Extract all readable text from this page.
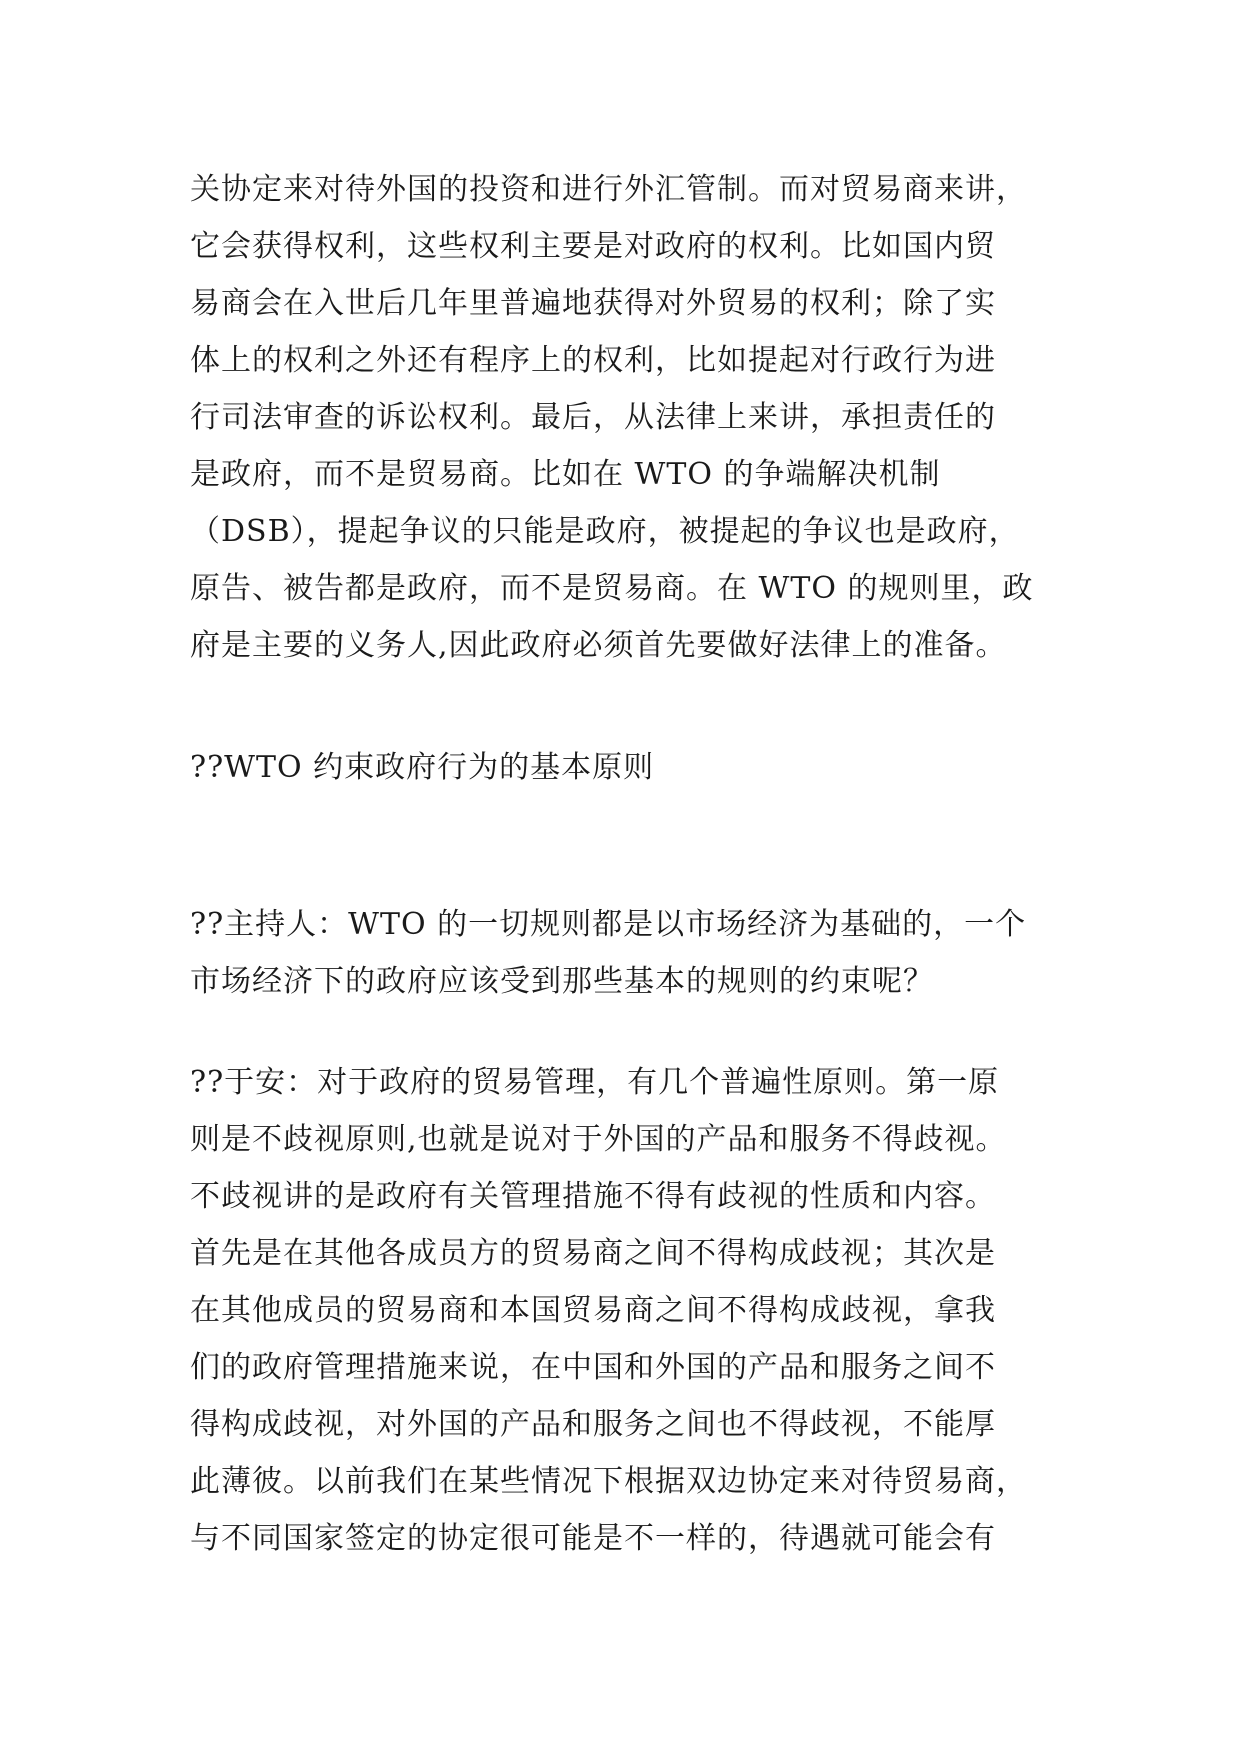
关协定来对待外国的投资和进行外汇管制。而对贸易商来讲，
它会获得权利，这些权利主要是对政府的权利。比如国内贸
易商会在入世后几年里普遍地获得对外贸易的权利；除了实
体上的权利之外还有程序上的权利，比如提起对行政行为进
行司法审查的诉讼权利。最后，从法律上来讲，承担责任的
是政府，而不是贸易商。比如在 WTO 的争端解决机制
（DSB），提起争议的只能是政府，被提起的争议也是政府，
原告、被告都是政府，而不是贸易商。在 WTO 的规则里，政
府是主要的义务人,因此政府必须首先要做好法律上的准备。
??WTO 约束政府行为的基本原则
??主持人：WTO 的一切规则都是以市场经济为基础的，一个
市场经济下的政府应该受到那些基本的规则的约束呢？
??于安：对于政府的贸易管理，有几个普遍性原则。第一原
则是不歧视原则,也就是说对于外国的产品和服务不得歧视。
不歧视讲的是政府有关管理措施不得有歧视的性质和内容。
首先是在其他各成员方的贸易商之间不得构成歧视；其次是
在其他成员的贸易商和本国贸易商之间不得构成歧视，拿我
们的政府管理措施来说，在中国和外国的产品和服务之间不
得构成歧视，对外国的产品和服务之间也不得歧视，不能厚
此薄彼。以前我们在某些情况下根据双边协定来对待贸易商，
与不同国家签定的协定很可能是不一样的，待遇就可能会有
